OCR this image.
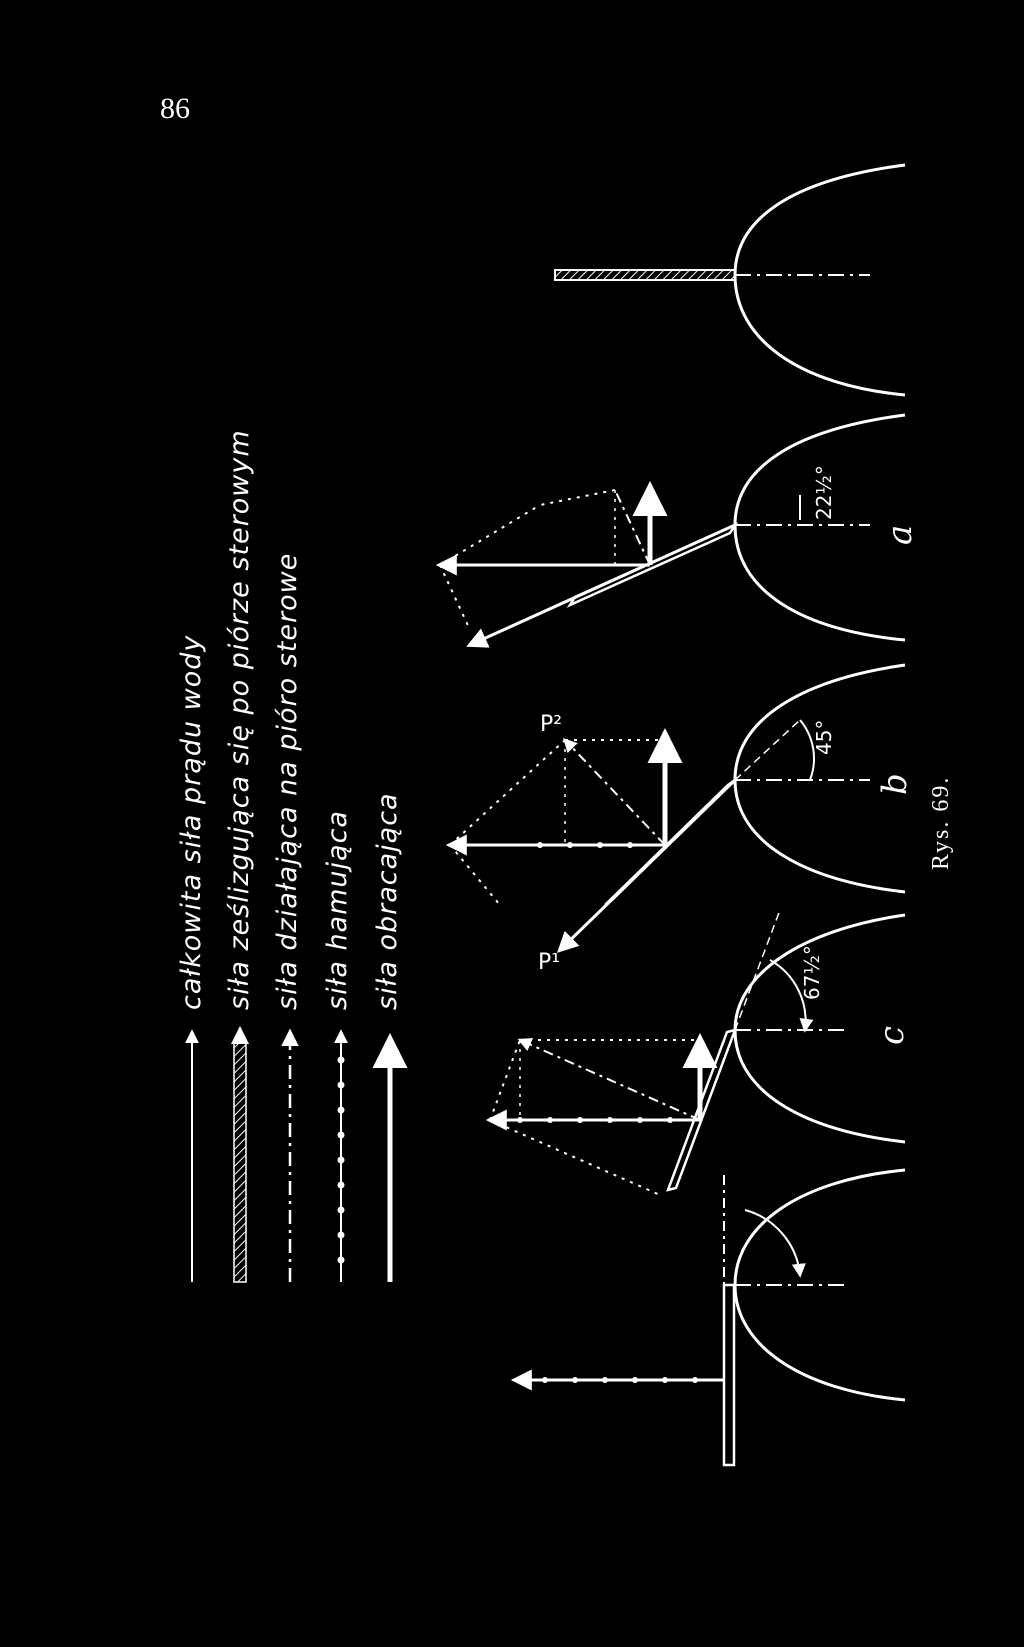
86
całkowita siła prądu wody siła ześlizgująca się po piórze sterowym siła działająca na pióro sterowe siła hamująca siła obracająca
a
b
c
22½°
45°
67½°
P²
P¹
Rys. 69.
